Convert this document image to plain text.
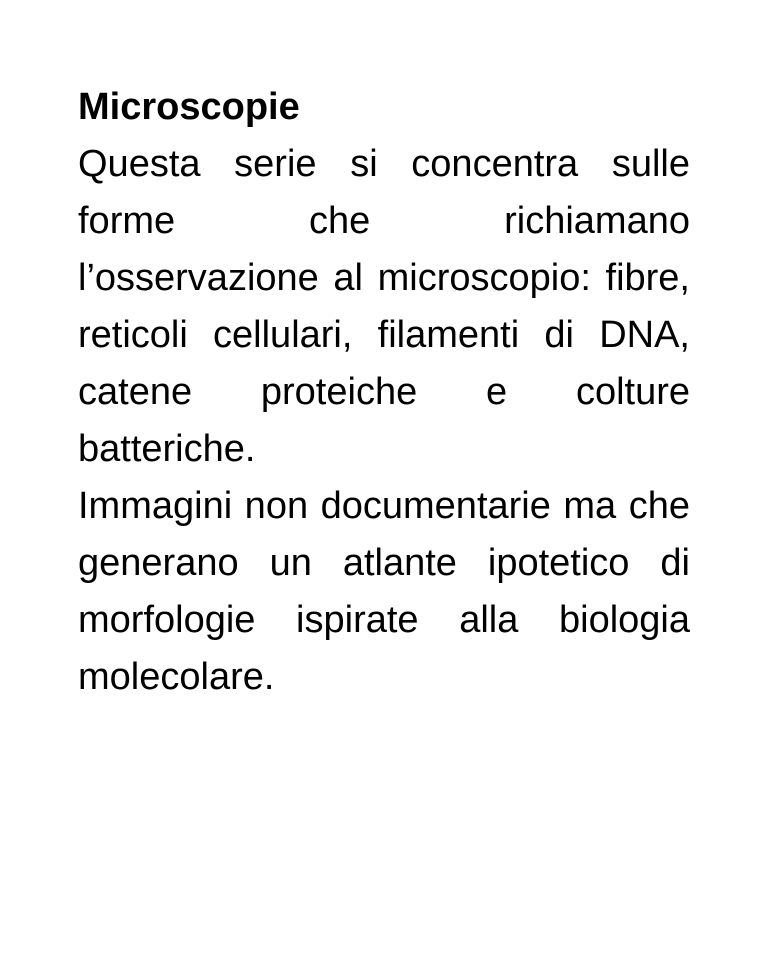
Microscopie

Questa serie si concentra sulle forme che richiamano l’osservazione al microscopio: fibre, reticoli cellulari, filamenti di DNA, catene proteiche e colture batteriche.

Immagini non documentarie ma che generano un atlante ipotetico di morfologie ispirate alla biologia molecolare.
